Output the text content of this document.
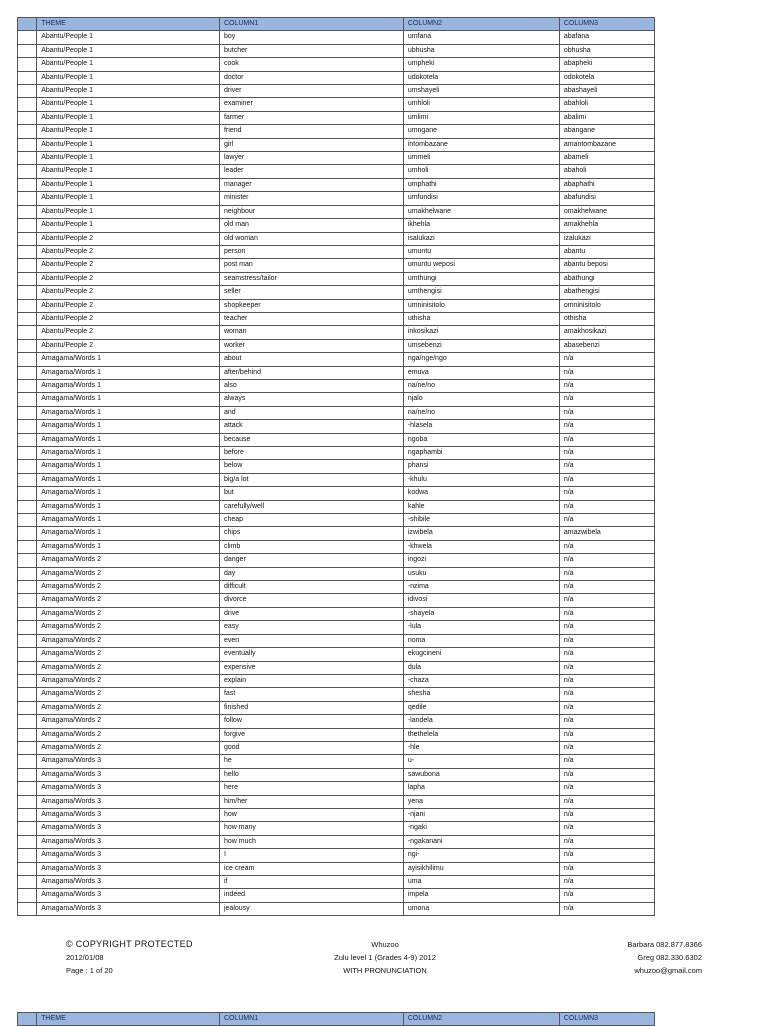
	THEME	COLUMN1	COLUMN2	COLUMN3
	Abantu/People 1	boy	umfana	abafana
	Abantu/People 1	butcher	ubhusha	obhusha
	Abantu/People 1	cook	umpheki	abapheki
	Abantu/People 1	doctor	udokotela	odokotela
	Abantu/People 1	driver	umshayeli	abashayeli
	Abantu/People 1	examiner	umhloli	abahloli
	Abantu/People 1	farmer	umlimi	abalimi
	Abantu/People 1	friend	umngane	abangane
	Abantu/People 1	girl	intombazane	amantombazane
	Abantu/People 1	lawyer	ummeli	abameli
	Abantu/People 1	leader	umholi	abaholi
	Abantu/People 1	manager	umphathi	abaphathi
	Abantu/People 1	minister	umfundisi	abafundisi
	Abantu/People 1	neighbour	umakhelwane	omakhelwane
	Abantu/People 1	old man	ikhehla	amakhehla
	Abantu/People 2	old woman	isalukazi	izalukazi
	Abantu/People 2	person	umuntu	abantu
	Abantu/People 2	post man	umuntu weposi	abantu beposi
	Abantu/People 2	seamstress/tailor	umthungi	abathungi
	Abantu/People 2	seller	umthengisi	abathengisi
	Abantu/People 2	shopkeeper	umninisitolo	omninisitolo
	Abantu/People 2	teacher	uthisha	othisha
	Abantu/People 2	woman	inkosikazi	amakhosikazi
	Abantu/People 2	worker	umsebenzi	abasebenzi
	Amagama/Words 1	about	nga/nge/ngo	n/a
	Amagama/Words 1	after/behind	emuva	n/a
	Amagama/Words 1	also	na/ne/no	n/a
	Amagama/Words 1	always	njalo	n/a
	Amagama/Words 1	and	na/ne/no	n/a
	Amagama/Words 1	attack	-hlasela	n/a
	Amagama/Words 1	because	ngoba	n/a
	Amagama/Words 1	before	ngaphambi	n/a
	Amagama/Words 1	below	phansi	n/a
	Amagama/Words 1	big/a lot	-khulu	n/a
	Amagama/Words 1	but	kodwa	n/a
	Amagama/Words 1	carefully/well	kahle	n/a
	Amagama/Words 1	cheap	-shibile	n/a
	Amagama/Words 1	chips	izwibela	amazwibela
	Amagama/Words 1	climb	-khwela	n/a
	Amagama/Words 2	danger	ingozi	n/a
	Amagama/Words 2	day	usuku	n/a
	Amagama/Words 2	difficult	-nzima	n/a
	Amagama/Words 2	divorce	idivosi	n/a
	Amagama/Words 2	drive	-shayela	n/a
	Amagama/Words 2	easy	-lula	n/a
	Amagama/Words 2	even	noma	n/a
	Amagama/Words 2	eventually	ekugcineni	n/a
	Amagama/Words 2	expensive	dula	n/a
	Amagama/Words 2	explain	-chaza	n/a
	Amagama/Words 2	fast	shesha	n/a
	Amagama/Words 2	finished	qedile	n/a
	Amagama/Words 2	follow	-landela	n/a
	Amagama/Words 2	forgive	thethelela	n/a
	Amagama/Words 2	good	-hle	n/a
	Amagama/Words 3	he	u-	n/a
	Amagama/Words 3	hello	sawubona	n/a
	Amagama/Words 3	here	lapha	n/a
	Amagama/Words 3	him/her	yena	n/a
	Amagama/Words 3	how	-njani	n/a
	Amagama/Words 3	how many	-ngaki	n/a
	Amagama/Words 3	how much	-ngakanani	n/a
	Amagama/Words 3	I	ngi-	n/a
	Amagama/Words 3	ice cream	ayisikhilimu	n/a
	Amagama/Words 3	if	uma	n/a
	Amagama/Words 3	indeed	impela	n/a
	Amagama/Words 3	jealousy	umona	n/a
© COPYRIGHT PROTECTED
2012/01/08
Page : 1 of 20
Whuzoo
Zulu level 1 (Grades 4-9) 2012
WITH PRONUNCIATION
Barbara 082.877.8366
Greg 082.330.6302
whuzoo@gmail.com
	THEME	COLUMN1	COLUMN2	COLUMN3
